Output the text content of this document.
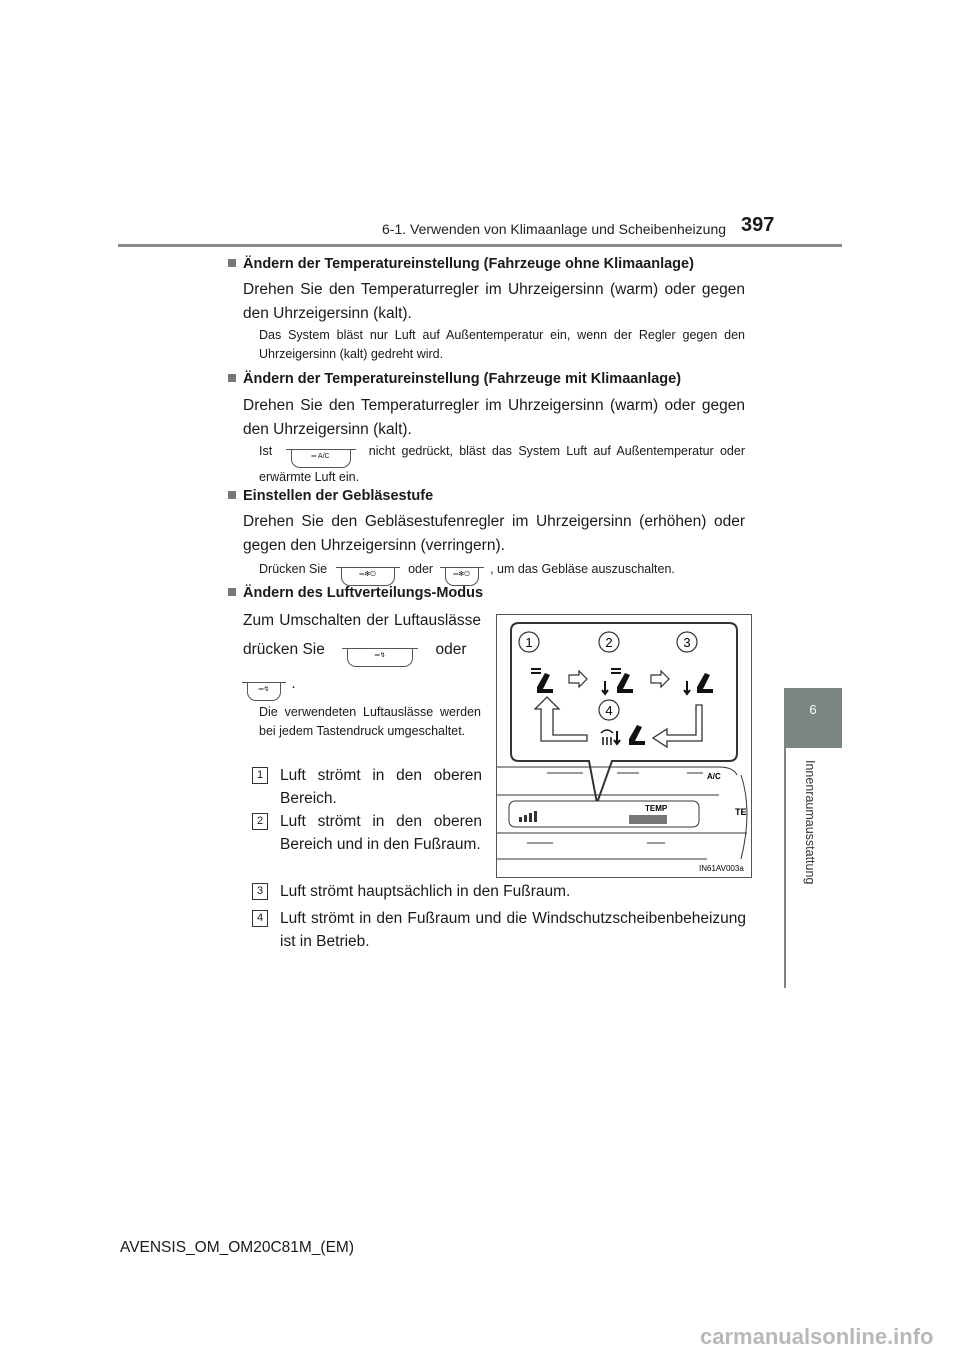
6-1. Verwenden von Klimaanlage und Scheibenheizung 397
6
Innenraumausstattung
Ändern der Temperatureinstellung (Fahrzeuge ohne Klimaanlage)
Drehen Sie den Temperaturregler im Uhrzeigersinn (warm) oder gegen den Uhrzeigersinn (kalt).
Das System bläst nur Luft auf Außentemperatur ein, wenn der Regler gegen den Uhrzeigersinn (kalt) gedreht wird.
Ändern der Temperatureinstellung (Fahrzeuge mit Klimaanlage)
Drehen Sie den Temperaturregler im Uhrzeigersinn (warm) oder gegen den Uhrzeigersinn (kalt).
Ist	═ A/C	nicht gedrückt, bläst das System Luft auf Außentemperatur oder erwärmte Luft ein.
Einstellen der Gebläsestufe
Drehen Sie den Gebläsestufenregler im Uhrzeigersinn (erhöhen) oder gegen den Uhrzeigersinn (verringern).
Drücken Sie	═✻⏻	oder	═✻⏻ , um das Gebläse auszuschalten.
Ändern des Luftverteilungs-Modus
Zum Umschalten der Luftauslässe
drücken Sie	═↯	oder
═↯ .
Die verwendeten Luftauslässe werden bei jedem Tastendruck umgeschaltet.
1	2	3
4
A/C
TEMP	TE
IN61AV003a
1	Luft strömt in den oberen Bereich.
2	Luft strömt in den oberen Bereich und in den Fußraum.
3	Luft strömt hauptsächlich in den Fußraum.
4	Luft strömt in den Fußraum und die Windschutzscheibenbeheizung ist in Betrieb.
AVENSIS_OM_OM20C81M_(EM)
carmanualsonline.info
